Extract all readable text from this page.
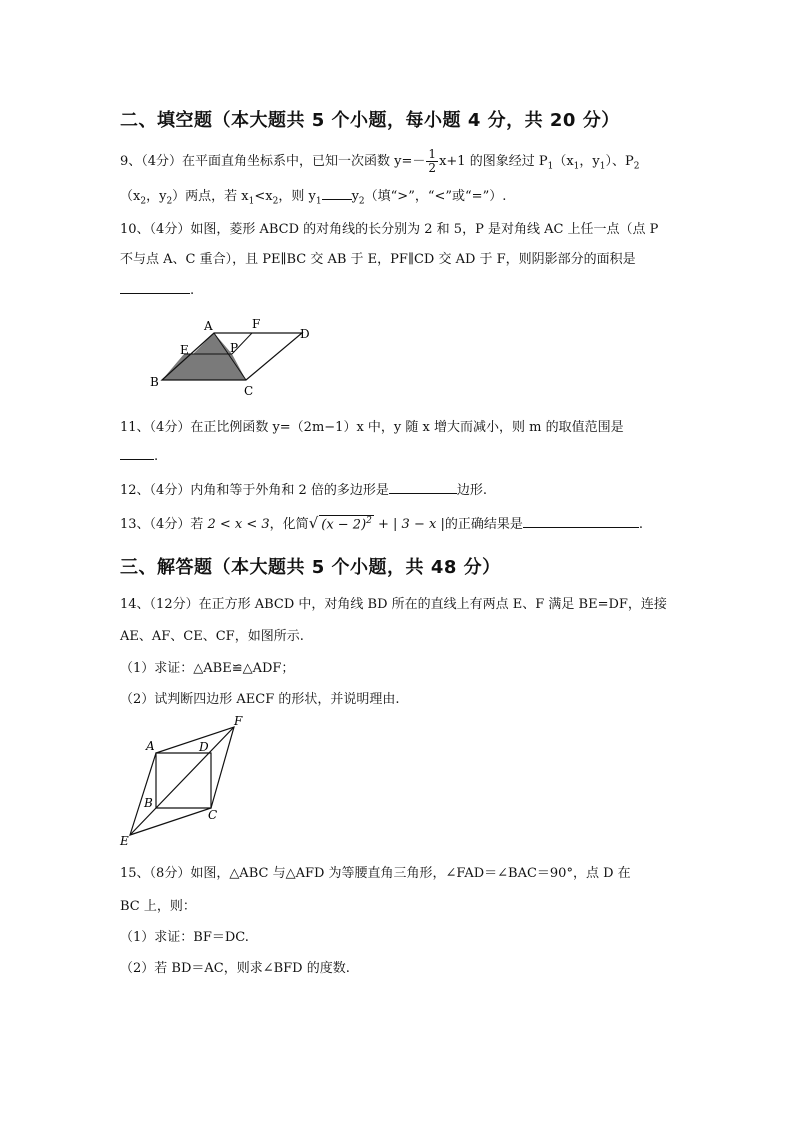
二、填空题（本大题共 5 个小题，每小题 4 分，共 20 分）
9、（4分）在平面直角坐标系中，已知一次函数 $y=- \frac{1}{2} x+1$ 的图象经过 $P_1(x_1$，$y_1$）、$P_2$
（$x_2$，$y_2$）两点，若 $x_1<x_2$，则 $y_1$ $y_2$（填“>”，“<”或“=”）.
10、（4分）如图，菱形 ABCD 的对角线的长分别为 2 和 5，P 是对角线 AC 上任一点（点 P
不与点 A、C 重合），且 PE∥BC 交 AB 于 E，PF∥CD 交 AD 于 F，则阴影部分的面积是
.
A	F
D
E	P
B
C
11、（4分）在正比例函数 y=（2m−1）x 中，y 随 x 增大而减小，则 m 的取值范围是
.
12、（4分）内角和等于外角和 2 倍的多边形是	边形.
13、（4分）若 2 < x < 3，化简√ $(x - 2)^2$ + | 3 − x |的正确结果是	.
三、解答题（本大题共 5 个小题，共 48 分）
14、（12分）在正方形 ABCD 中，对角线 BD 所在的直线上有两点 E、F 满足 BE=DF，连接
AE、AF、CE、CF，如图所示.
（1）求证：△ABE≌△ADF；
（2）试判断四边形 AECF 的形状，并说明理由.
A	D
F
B
C
E
15、（8分）如图，△ABC 与△AFD 为等腰直角三角形，∠FAD＝∠BAC＝90°，点 D 在
BC 上，则：
（1）求证：BF＝DC.
（2）若 BD＝AC，则求∠BFD 的度数.
